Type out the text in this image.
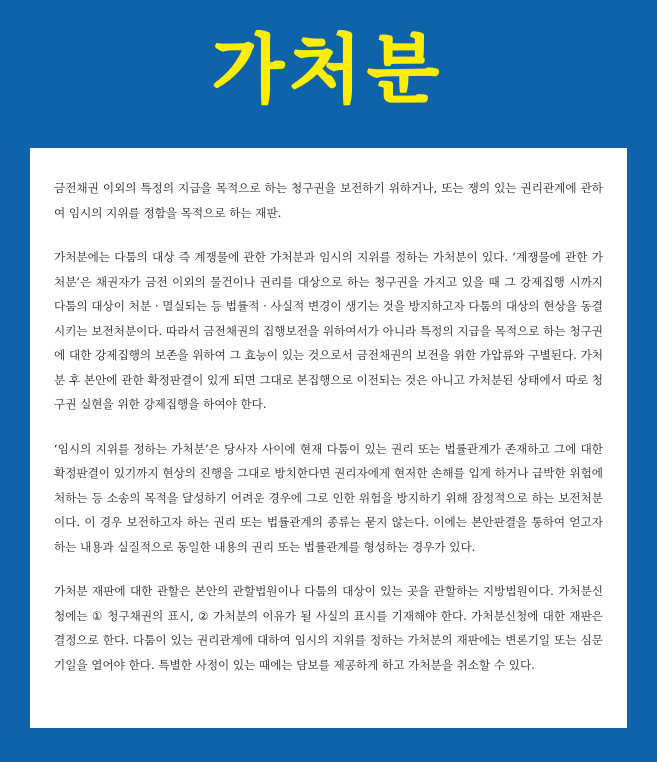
가처분

금전채권 이외의 특정의 지급을 목적으로 하는 청구권을 보전하기 위하거나, 또는 쟁의 있는 권리관계에 관하여 임시의 지위를 정함을 목적으로 하는 재판.

가처분에는 다툼의 대상 즉 계쟁물에 관한 가처분과 임시의 지위를 정하는 가처분이 있다. ‘계쟁물에 관한 가처분’은 채권자가 금전 이외의 물건이나 권리를 대상으로 하는 청구권을 가지고 있을 때 그 강제집행 시까지 다툼의 대상이 처분 · 멸실되는 등 법률적 · 사실적 변경이 생기는 것을 방지하고자 다툼의 대상의 현상을 동결시키는 보전처분이다. 따라서 금전채권의 집행보전을 위하여서가 아니라 특정의 지급을 목적으로 하는 청구권에 대한 강제집행의 보존을 위하여 그 효능이 있는 것으로서 금전채권의 보전을 위한 가압류와 구별된다. 가처분 후 본안에 관한 확정판결이 있게 되면 그대로 본집행으로 이전되는 것은 아니고 가처분된 상태에서 따로 청구권 실현을 위한 강제집행을 하여야 한다.

‘임시의 지위를 정하는 가처분’은 당사자 사이에 현재 다툼이 있는 권리 또는 법률관계가 존재하고 그에 대한 확정판결이 있기까지 현상의 진행을 그대로 방치한다면 권리자에게 현저한 손해를 입게 하거나 급박한 위험에 처하는 등 소송의 목적을 달성하기 어려운 경우에 그로 인한 위험을 방지하기 위해 잠정적으로 하는 보전처분이다. 이 경우 보전하고자 하는 권리 또는 법률관계의 종류는 묻지 않는다. 이에는 본안판결을 통하여 얻고자 하는 내용과 실질적으로 동일한 내용의 권리 또는 법률관계를 형성하는 경우가 있다.

가처분 재판에 대한 관할은 본안의 관할법원이나 다툼의 대상이 있는 곳을 관할하는 지방법원이다. 가처분신청에는 ① 청구채권의 표시, ② 가처분의 이유가 될 사실의 표시를 기재해야 한다. 가처분신청에 대한 재판은 결정으로 한다. 다툼이 있는 권리관계에 대하여 임시의 지위를 정하는 가처분의 재판에는 변론기일 또는 심문기일을 열어야 한다. 특별한 사정이 있는 때에는 담보를 제공하게 하고 가처분을 취소할 수 있다.
